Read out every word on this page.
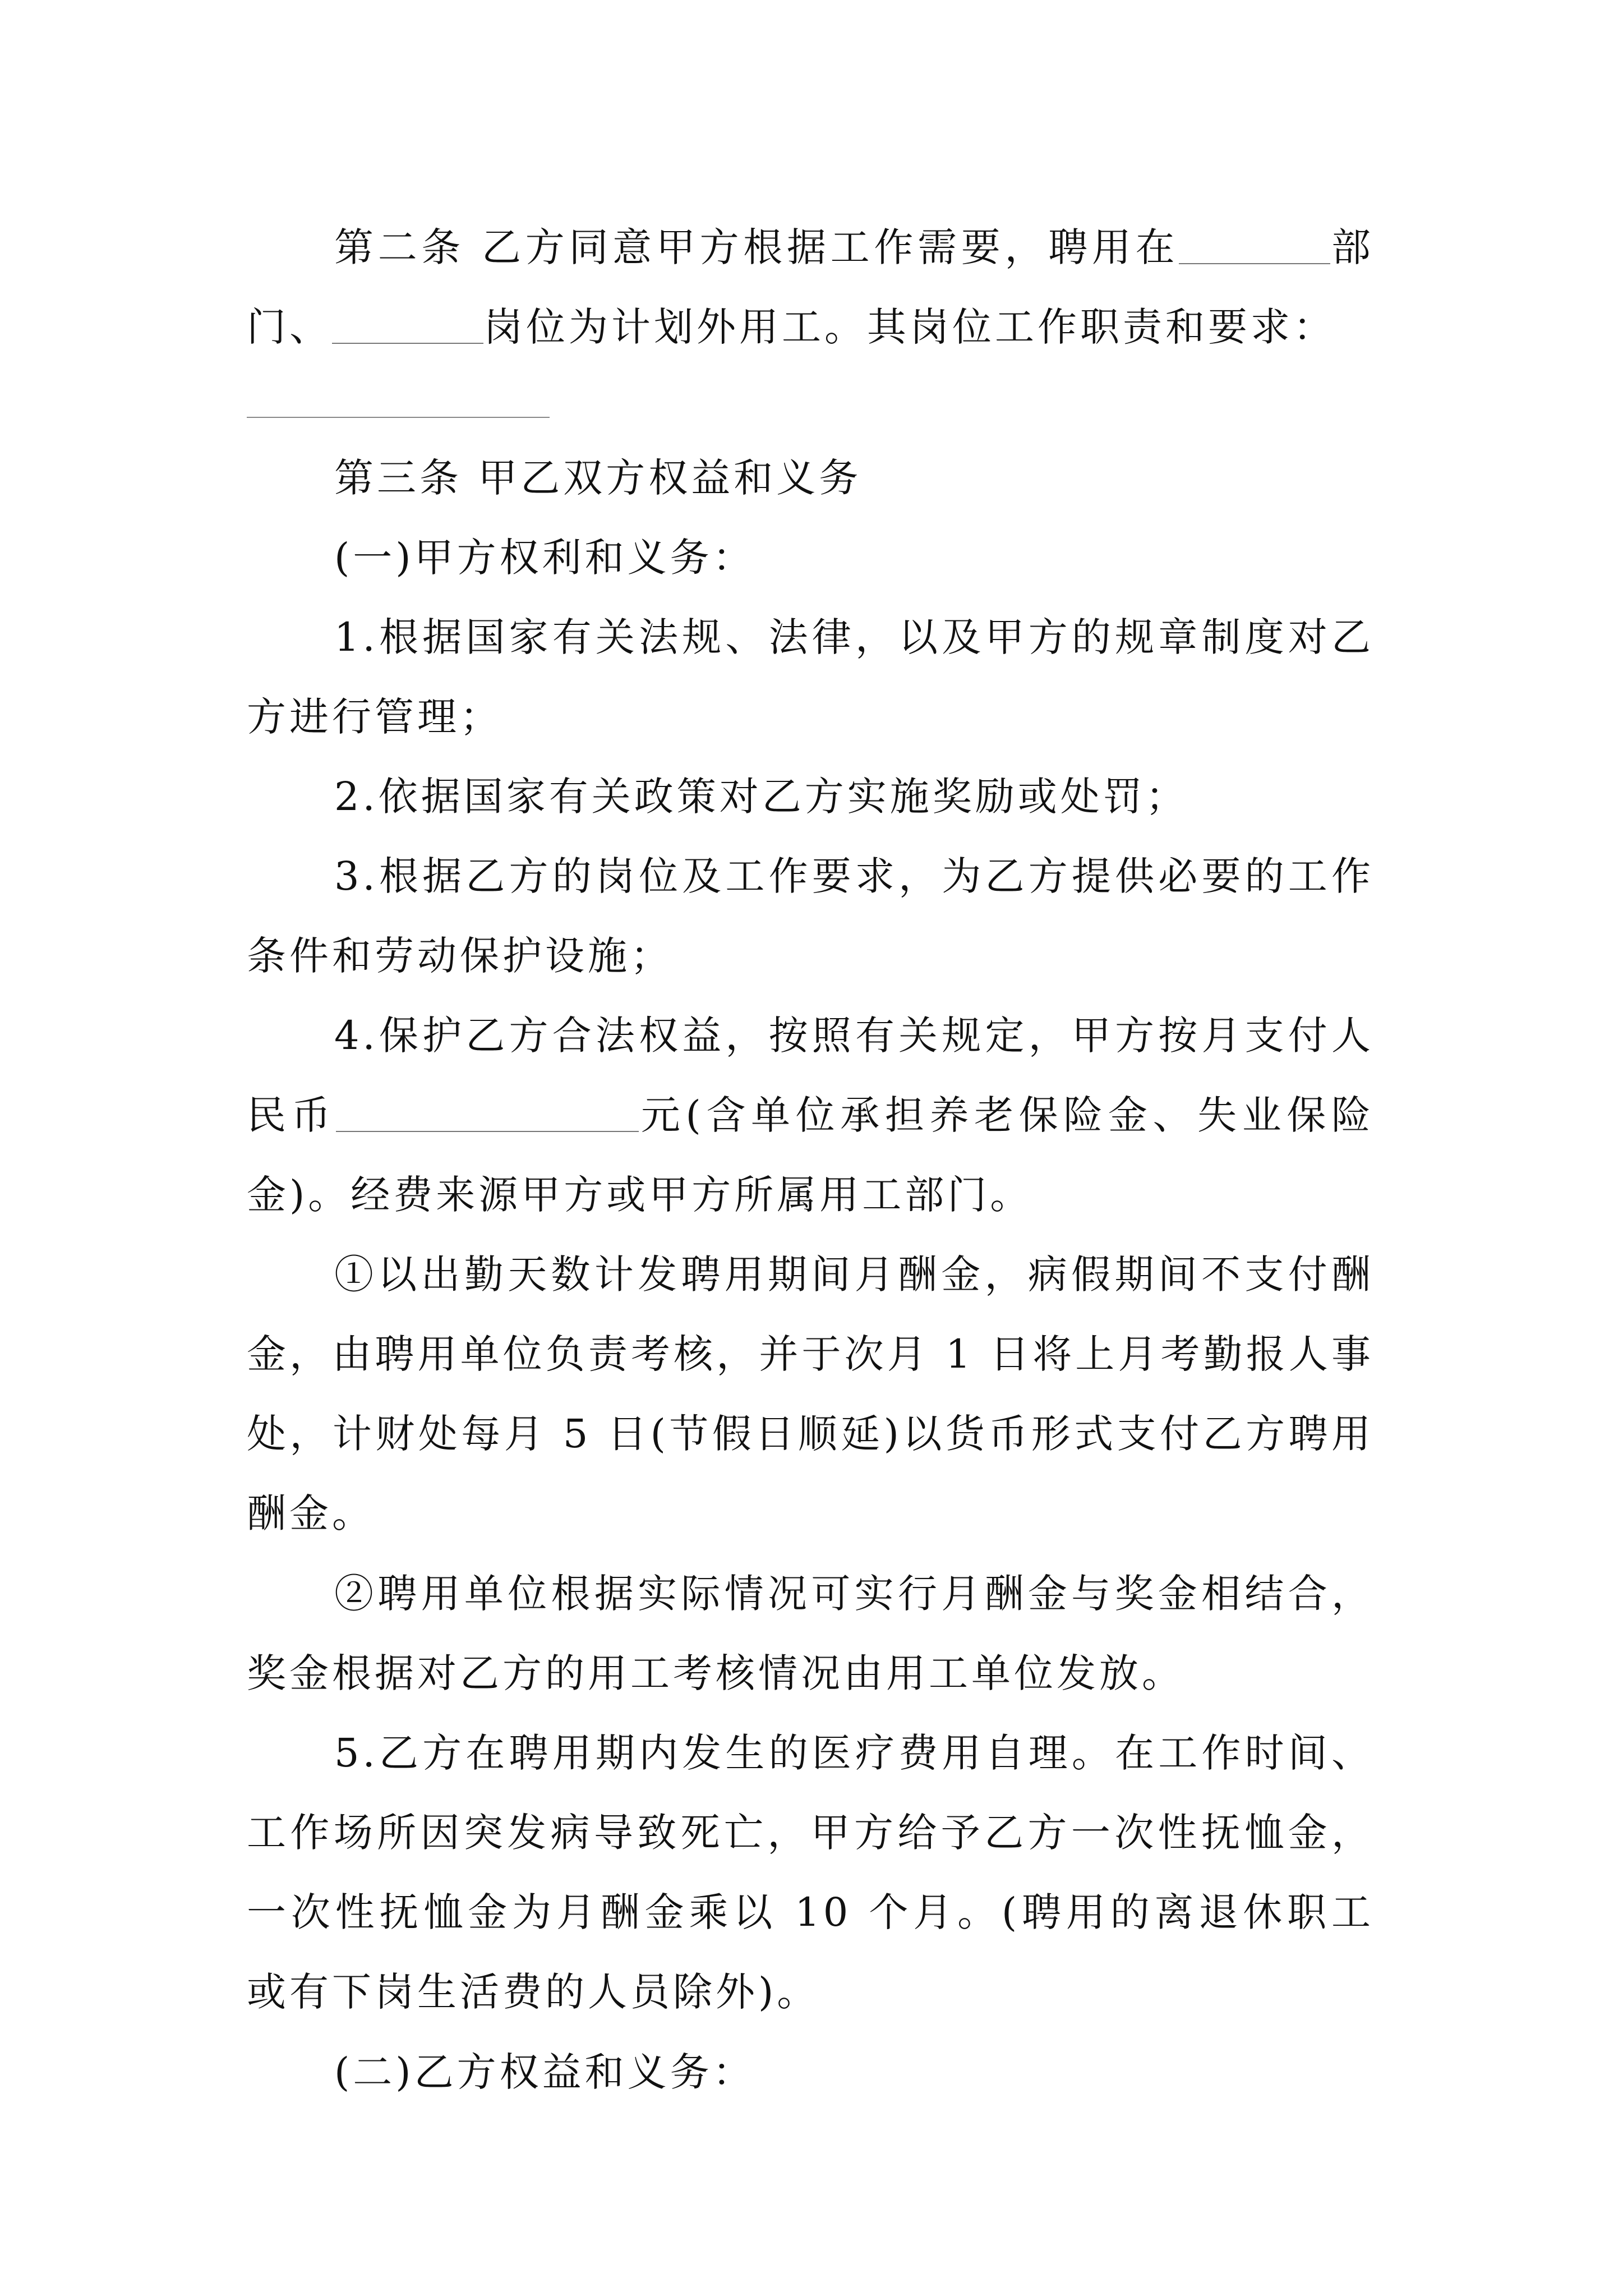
第二条 乙方同意甲方根据工作需要，聘用在	部门、	岗位为计划外用工。其岗位工作职责和要求：

第三条 甲乙双方权益和义务

(一)甲方权利和义务：

1.根据国家有关法规、法律，以及甲方的规章制度对乙方进行管理；

2.依据国家有关政策对乙方实施奖励或处罚；

3.根据乙方的岗位及工作要求，为乙方提供必要的工作条件和劳动保护设施；

4.保护乙方合法权益，按照有关规定，甲方按月支付人民币	元(含单位承担养老保险金、失业保险金)。经费来源甲方或甲方所属用工部门。

①以出勤天数计发聘用期间月酬金，病假期间不支付酬金，由聘用单位负责考核，并于次月 1 日将上月考勤报人事处，计财处每月 5 日(节假日顺延)以货币形式支付乙方聘用酬金。

②聘用单位根据实际情况可实行月酬金与奖金相结合，奖金根据对乙方的用工考核情况由用工单位发放。

5.乙方在聘用期内发生的医疗费用自理。在工作时间、工作场所因突发病导致死亡，甲方给予乙方一次性抚恤金，一次性抚恤金为月酬金乘以 10 个月。(聘用的离退休职工或有下岗生活费的人员除外)。

(二)乙方权益和义务：
